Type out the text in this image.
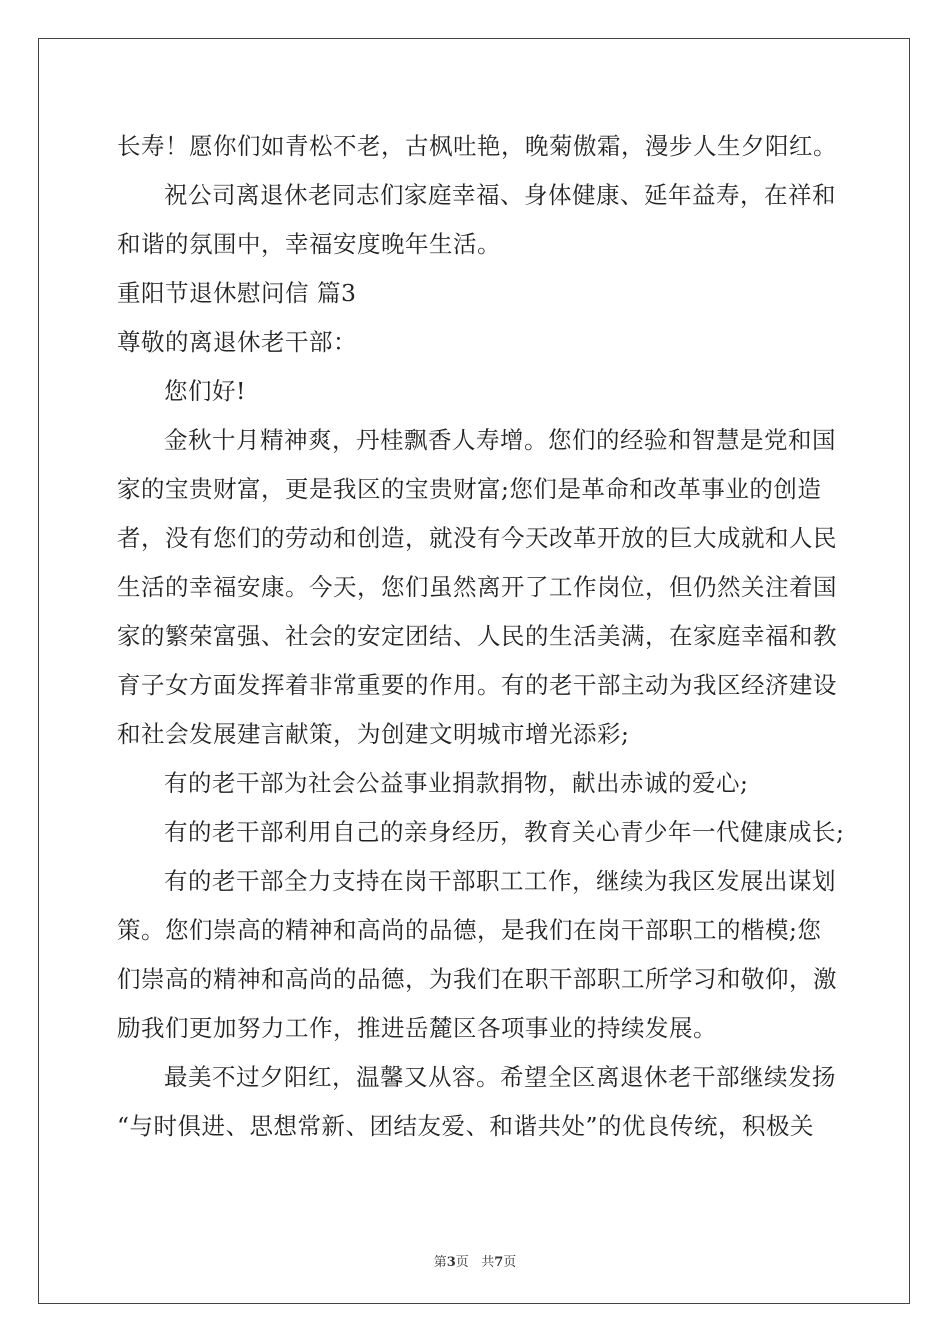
长寿！愿你们如青松不老，古枫吐艳，晚菊傲霜，漫步人生夕阳红。
祝公司离退休老同志们家庭幸福、身体健康、延年益寿，在祥和
和谐的氛围中，幸福安度晚年生活。
重阳节退休慰问信 篇3
尊敬的离退休老干部：
您们好!
金秋十月精神爽，丹桂飘香人寿增。您们的经验和智慧是党和国
家的宝贵财富，更是我区的宝贵财富;您们是革命和改革事业的创造
者，没有您们的劳动和创造，就没有今天改革开放的巨大成就和人民
生活的幸福安康。今天，您们虽然离开了工作岗位，但仍然关注着国
家的繁荣富强、社会的安定团结、人民的生活美满，在家庭幸福和教
育子女方面发挥着非常重要的作用。有的老干部主动为我区经济建设
和社会发展建言献策，为创建文明城市增光添彩;
有的老干部为社会公益事业捐款捐物，献出赤诚的爱心;
有的老干部利用自己的亲身经历，教育关心青少年一代健康成长;
有的老干部全力支持在岗干部职工工作，继续为我区发展出谋划
策。您们崇高的精神和高尚的品德，是我们在岗干部职工的楷模;您
们崇高的精神和高尚的品德，为我们在职干部职工所学习和敬仰，激
励我们更加努力工作，推进岳麓区各项事业的持续发展。
最美不过夕阳红，温馨又从容。希望全区离退休老干部继续发扬
“与时俱进、思想常新、团结友爱、和谐共处”的优良传统，积极关
第3页 共7页
